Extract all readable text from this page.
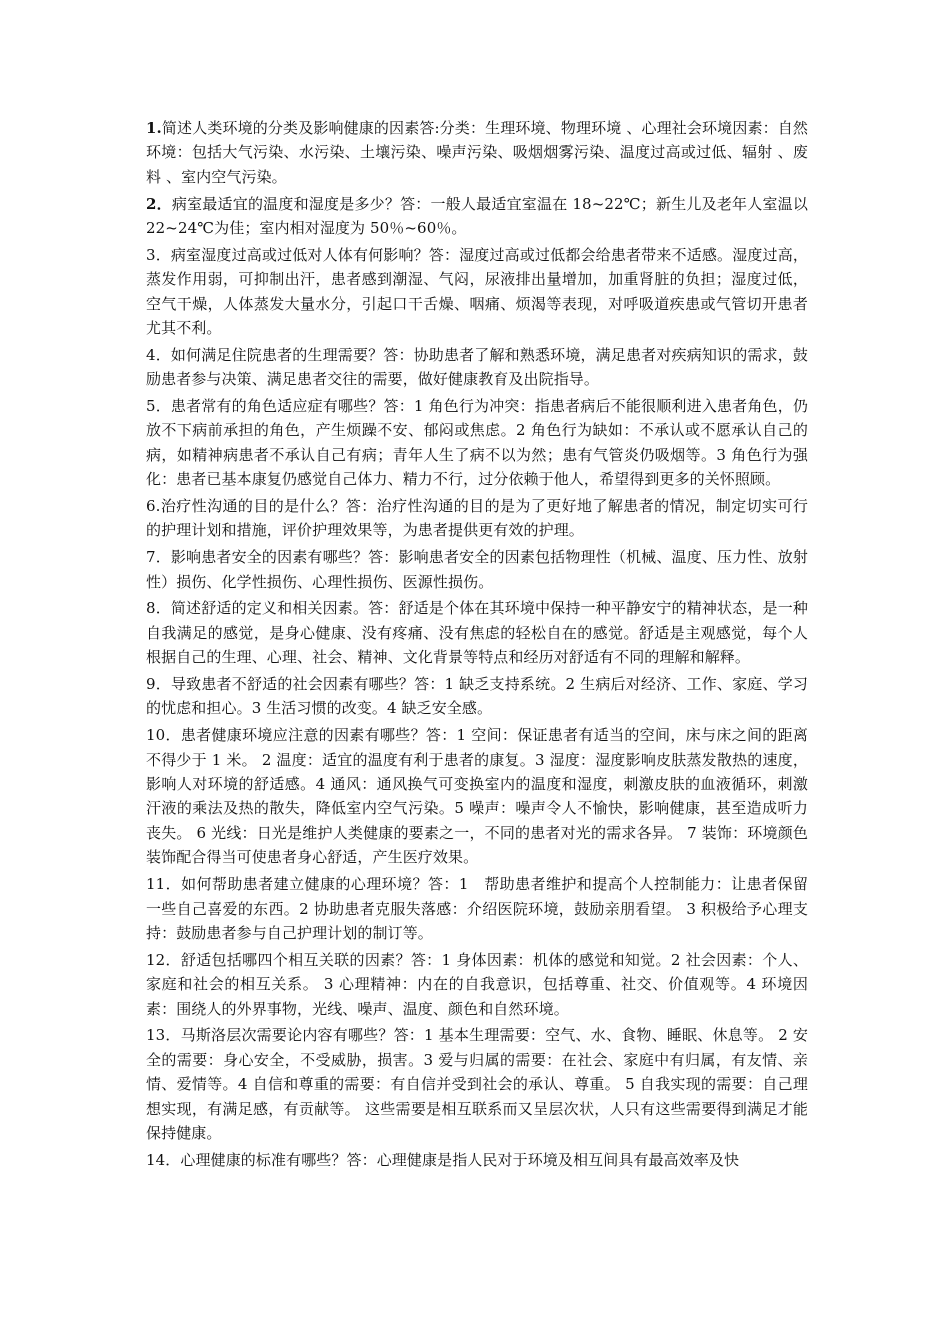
1.简述人类环境的分类及影响健康的因素答:分类：生理环境、物理环境 、心理社会环境因素：自然环境：包括大气污染、水污染、土壤污染、噪声污染、吸烟烟雾污染、温度过高或过低、辐射 、废料 、室内空气污染。

2．病室最适宜的温度和湿度是多少？答：一般人最适宜室温在 18~22℃；新生儿及老年人室温以 22~24℃为佳；室内相对湿度为 50％~60％。

3．病室湿度过高或过低对人体有何影响？答：湿度过高或过低都会给患者带来不适感。湿度过高，蒸发作用弱，可抑制出汗，患者感到潮湿、气闷，尿液排出量增加，加重肾脏的负担；湿度过低，空气干燥，人体蒸发大量水分，引起口干舌燥、咽痛、烦渴等表现，对呼吸道疾患或气管切开患者尤其不利。

4．如何满足住院患者的生理需要？答：协助患者了解和熟悉环境，满足患者对疾病知识的需求，鼓励患者参与决策、满足患者交往的需要，做好健康教育及出院指导。

5．患者常有的角色适应症有哪些？答：1 角色行为冲突：指患者病后不能很顺利进入患者角色，仍放不下病前承担的角色，产生烦躁不安、郁闷或焦虑。2 角色行为缺如：不承认或不愿承认自己的病，如精神病患者不承认自己有病；青年人生了病不以为然；患有气管炎仍吸烟等。3 角色行为强化：患者已基本康复仍感觉自己体力、精力不行，过分依赖于他人，希望得到更多的关怀照顾。

6.治疗性沟通的目的是什么？答：治疗性沟通的目的是为了更好地了解患者的情况，制定切实可行的护理计划和措施，评价护理效果等，为患者提供更有效的护理。

7．影响患者安全的因素有哪些？答：影响患者安全的因素包括物理性（机械、温度、压力性、放射性）损伤、化学性损伤、心理性损伤、医源性损伤。

8．简述舒适的定义和相关因素。答：舒适是个体在其环境中保持一种平静安宁的精神状态，是一种自我满足的感觉，是身心健康、没有疼痛、没有焦虑的轻松自在的感觉。舒适是主观感觉，每个人根据自己的生理、心理、社会、精神、文化背景等特点和经历对舒适有不同的理解和解释。

9．导致患者不舒适的社会因素有哪些？答：1 缺乏支持系统。2 生病后对经济、工作、家庭、学习的忧虑和担心。3 生活习惯的改变。4 缺乏安全感。

10．患者健康环境应注意的因素有哪些？答：1 空间：保证患者有适当的空间，床与床之间的距离不得少于 1 米。 2 温度：适宜的温度有利于患者的康复。3 湿度：湿度影响皮肤蒸发散热的速度，影响人对环境的舒适感。4 通风：通风换气可变换室内的温度和湿度，刺激皮肤的血液循环，刺激汗液的乘法及热的散失，降低室内空气污染。5 噪声：噪声令人不愉快，影响健康，甚至造成听力丧失。 6 光线：日光是维护人类健康的要素之一，不同的患者对光的需求各异。 7 装饰：环境颜色装饰配合得当可使患者身心舒适，产生医疗效果。

11．如何帮助患者建立健康的心理环境？答：1　帮助患者维护和提高个人控制能力：让患者保留一些自己喜爱的东西。2 协助患者克服失落感：介绍医院环境，鼓励亲朋看望。 3 积极给予心理支持：鼓励患者参与自己护理计划的制订等。

12．舒适包括哪四个相互关联的因素？答：1 身体因素：机体的感觉和知觉。2 社会因素：个人、家庭和社会的相互关系。 3 心理精神：内在的自我意识，包括尊重、社交、价值观等。4 环境因素：围绕人的外界事物，光线、噪声、温度、颜色和自然环境。

13．马斯洛层次需要论内容有哪些？答：1 基本生理需要：空气、水、食物、睡眠、休息等。 2 安全的需要：身心安全，不受威胁，损害。3 爱与归属的需要：在社会、家庭中有归属，有友情、亲情、爱情等。4 自信和尊重的需要：有自信并受到社会的承认、尊重。 5 自我实现的需要：自己理想实现，有满足感，有贡献等。 这些需要是相互联系而又呈层次状，人只有这些需要得到满足才能保持健康。

14．心理健康的标准有哪些？答：心理健康是指人民对于环境及相互间具有最高效率及快
